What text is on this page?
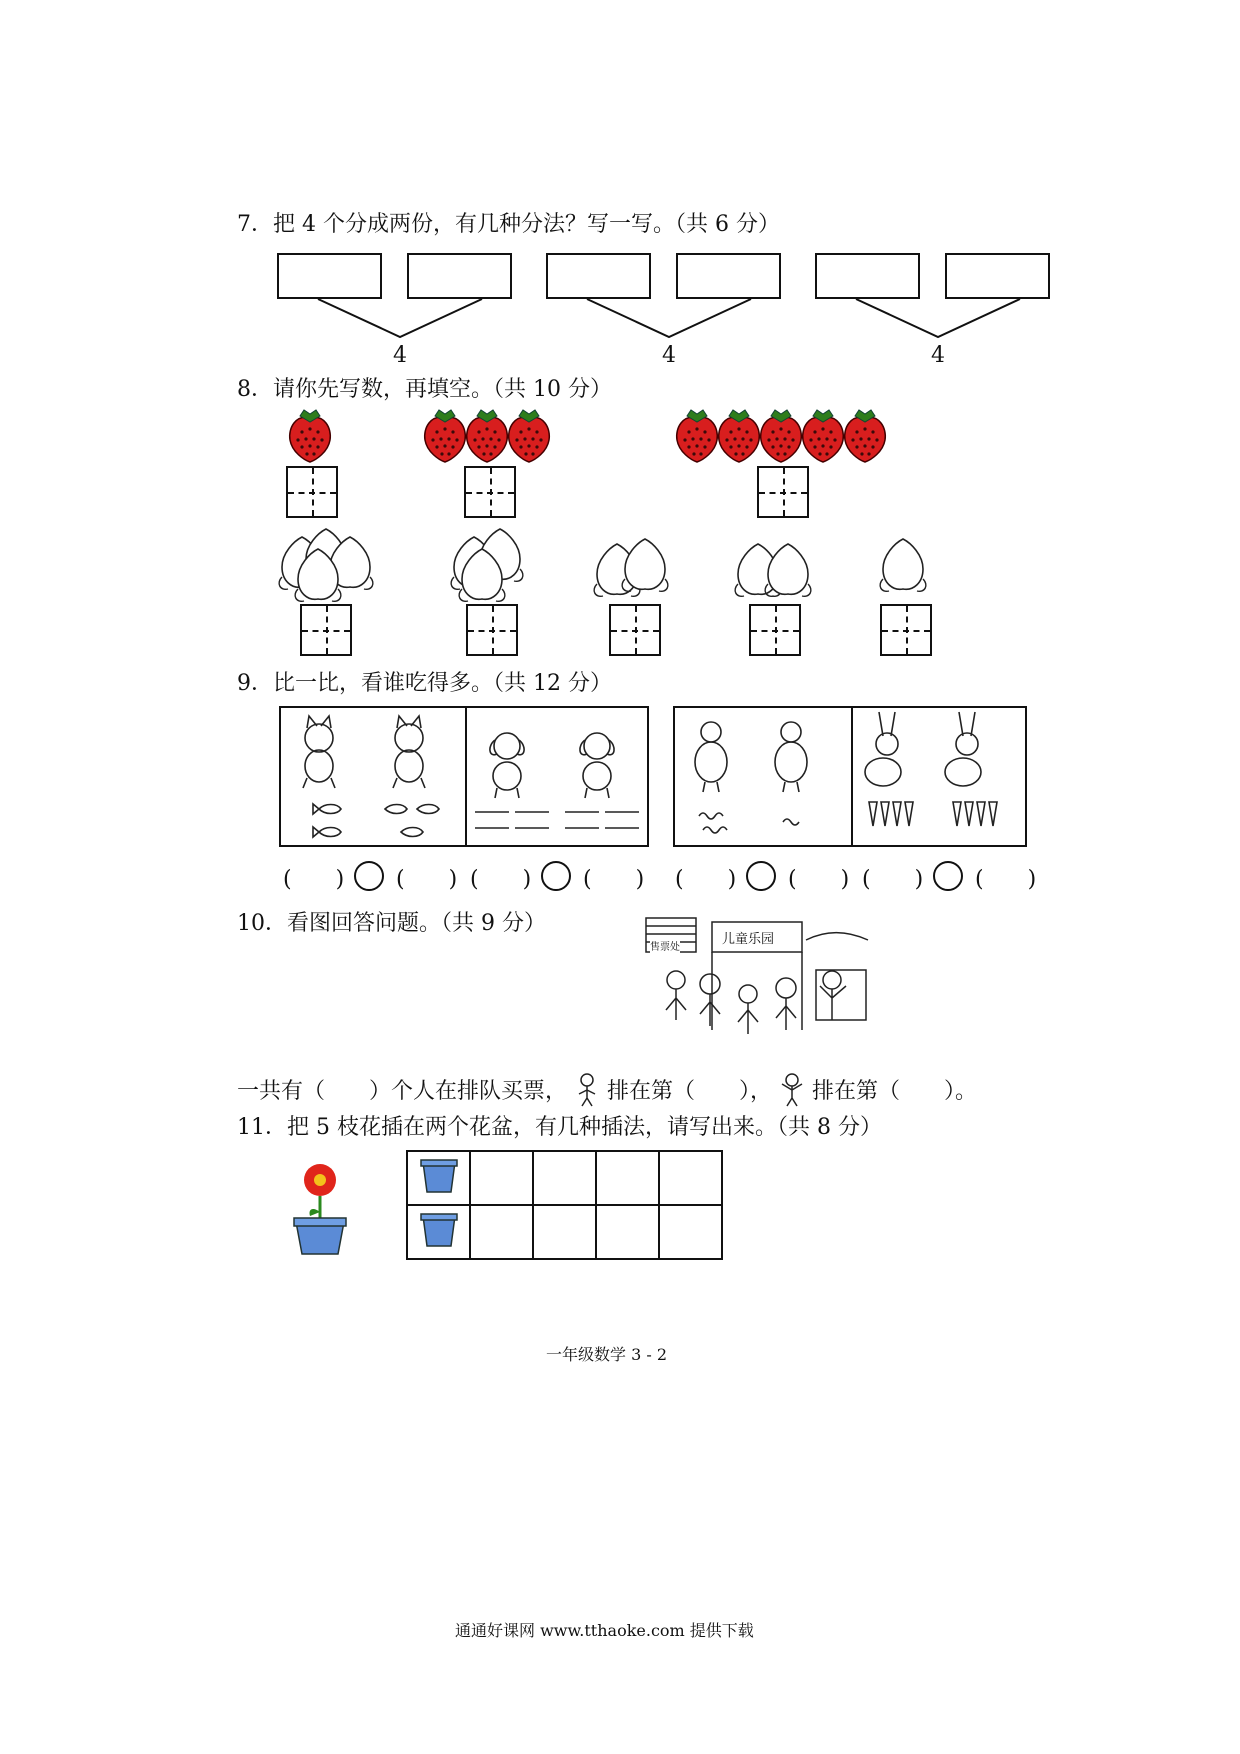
7．把 4 个分成两份，有几种分法？写一写。（共 6 分）
4	4	4
8．请你先写数，再填空。（共 10 分）
9．比一比，看谁吃得多。（共 12 分）
(　　) (　　) (　　) (　　) (　　) (　　) (　　) (　　)
10．看图回答问题。（共 9 分）
售票处
儿童乐园
一共有（　　）个人在排队买票， 排在第（　　）， 排在第（　　）。
11．把 5 枝花插在两个花盆，有几种插法，请写出来。（共 8 分）

一年级数学 3 - 2
通通好课网 www.tthaoke.com 提供下载
